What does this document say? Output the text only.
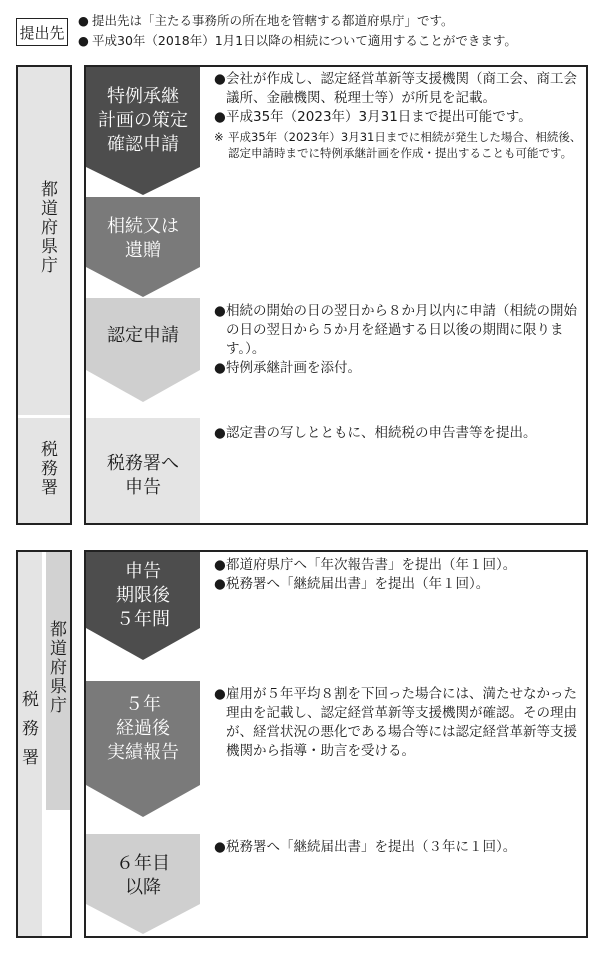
提出先
● 提出先は「主たる事務所の所在地を管轄する都道府県庁」です。
● 平成30年（2018年）1月1日以降の相続について適用することができます。
都道府県庁
税務署
特例承継
計画の策定
確認申請
● 会社が作成し、認定経営革新等支援機関（商工会、商工会議所、金融機関、税理士等）が所見を記載。
● 平成35年（2023年）3月31日まで提出可能です。
※ 平成35年（2023年）3月31日までに相続が発生した場合、相続後、認定申請時までに特例承継計画を作成・提出することも可能です。
相続又は
遺贈
認定申請
● 相続の開始の日の翌日から８か月以内に申請（相続の開始の日の翌日から５か月を経過する日以後の期間に限ります。）。
● 特例承継計画を添付。
税務署へ
申告
● 認定書の写しとともに、相続税の申告書等を提出。
税務署
都道府県庁
申告
期限後
５年間
● 都道府県庁へ「年次報告書」を提出（年１回）。
● 税務署へ「継続届出書」を提出（年１回）。
５年
経過後
実績報告
● 雇用が５年平均８割を下回った場合には、満たせなかった理由を記載し、認定経営革新等支援機関が確認。その理由が、経営状況の悪化である場合等には認定経営革新等支援機関から指導・助言を受ける。
６年目
以降
● 税務署へ「継続届出書」を提出（３年に１回）。
